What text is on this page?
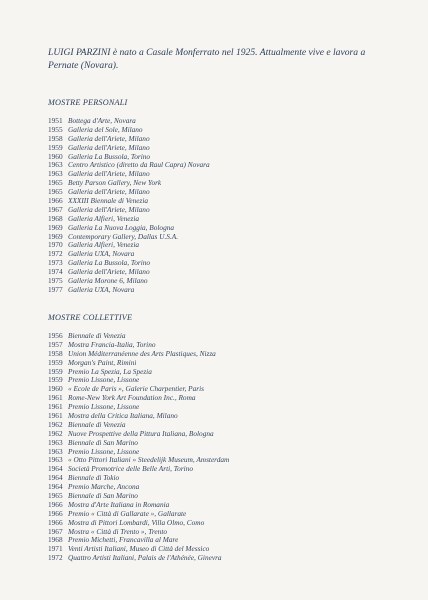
LUIGI PARZINI è nato a Casale Monferrato nel 1925. Attualmente vive e lavora a Pernate (Novara).
MOSTRE PERSONALI
1951 Bottega d'Arte, Novara
1955 Galleria del Sole, Milano
1958 Galleria dell'Ariete, Milano
1959 Galleria dell'Ariete, Milano
1960 Galleria La Bussola, Torino
1963 Centro Artistico (diretto da Raul Capra) Novara
1963 Galleria dell'Ariete, Milano
1965 Betty Parson Gallery, New York
1965 Galleria dell'Ariete, Milano
1966 XXXIII Biennale di Venezia
1967 Galleria dell'Ariete, Milano
1968 Galleria Alfieri, Venezia
1969 Galleria La Nuova Loggia, Bologna
1969 Contemporary Gallery, Dallas U.S.A.
1970 Galleria Alfieri, Venezia
1972 Galleria UXA, Novara
1973 Galleria La Bussola, Torino
1974 Galleria dell'Ariete, Milano
1975 Galleria Morone 6, Milano
1977 Galleria UXA, Novara
MOSTRE COLLETTIVE
1956 Biennale di Venezia
1957 Mostra Francia-Italia, Torino
1958 Union Méditerranéenne des Arts Plastiques, Nizza
1959 Morgan's Paint, Rimini
1959 Premio La Spezia, La Spezia
1959 Premio Lissone, Lissone
1960 « Ecole de Paris », Galerie Charpentier, Paris
1961 Rome-New York Art Foundation Inc., Roma
1961 Premio Lissone, Lissone
1961 Mostra della Critica Italiana, Milano
1962 Biennale di Venezia
1962 Nuove Prospettive della Pittura Italiana, Bologna
1963 Biennale di San Marino
1963 Premio Lissone, Lissone
1963 « Otto Pittori Italiani » Steedelijk Museum, Amsterdam
1964 Società Promotrice delle Belle Arti, Torino
1964 Biennale di Tokio
1964 Premio Marche, Ancona
1965 Biennale di San Marino
1966 Mostra d'Arte Italiana in Romania
1966 Premio « Città di Gallarate », Gallarate
1966 Mostra di Pittori Lombardi, Villa Olmo, Como
1967 Mostra « Città di Trento », Trento
1968 Premio Michetti, Francavilla al Mare
1971 Venti Artisti Italiani, Museo di Città del Messico
1972 Quattro Artisti Italiani, Palais de l'Athénée, Ginevra
